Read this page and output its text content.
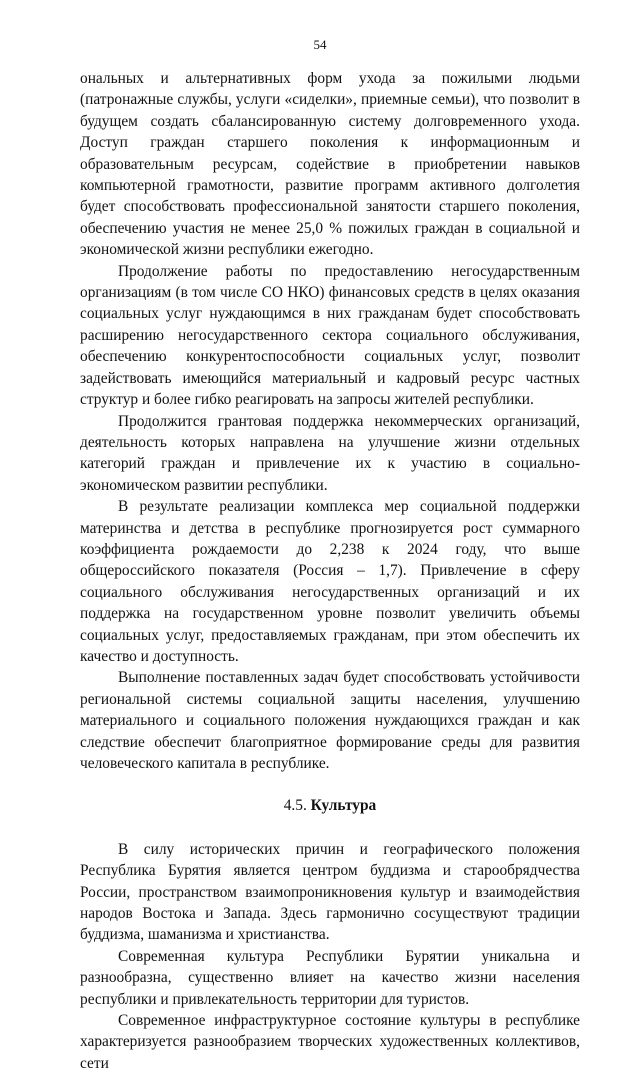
54

ональных и альтернативных форм ухода за пожилыми людьми (патронажные службы, услуги «сиделки», приемные семьи), что позволит в будущем создать сбалансированную систему долговременного ухода. Доступ граждан старшего поколения к информационным и образовательным ресурсам, содействие в приобретении навыков компьютерной грамотности, развитие программ активного долголетия будет способствовать профессиональной занятости старшего поколения, обеспечению участия не менее 25,0 % пожилых граждан в социальной и экономической жизни республики ежегодно.

Продолжение работы по предоставлению негосударственным организациям (в том числе СО НКО) финансовых средств в целях оказания социальных услуг нуждающимся в них гражданам будет способствовать расширению негосударственного сектора социального обслуживания, обеспечению конкурентоспособности социальных услуг, позволит задействовать имеющийся материальный и кадровый ресурс частных структур и более гибко реагировать на запросы жителей республики.

Продолжится грантовая поддержка некоммерческих организаций, деятельность которых направлена на улучшение жизни отдельных категорий граждан и привлечение их к участию в социально-экономическом развитии республики.

В результате реализации комплекса мер социальной поддержки материнства и детства в республике прогнозируется рост суммарного коэффициента рождаемости до 2,238 к 2024 году, что выше общероссийского показателя (Россия – 1,7). Привлечение в сферу социального обслуживания негосударственных организаций и их поддержка на государственном уровне позволит увеличить объемы социальных услуг, предоставляемых гражданам, при этом обеспечить их качество и доступность.

Выполнение поставленных задач будет способствовать устойчивости региональной системы социальной защиты населения, улучшению материального и социального положения нуждающихся граждан и как следствие обеспечит благоприятное формирование среды для развития человеческого капитала в республике.

4.5. Культура

В силу исторических причин и географического положения Республика Бурятия является центром буддизма и старообрядчества России, пространством взаимопроникновения культур и взаимодействия народов Востока и Запада. Здесь гармонично сосуществуют традиции буддизма, шаманизма и христианства.

Современная культура Республики Бурятии уникальна и разнообразна, существенно влияет на качество жизни населения республики и привлекательность территории для туристов.

Современное инфраструктурное состояние культуры в республике характеризуется разнообразием творческих художественных коллективов, сети
